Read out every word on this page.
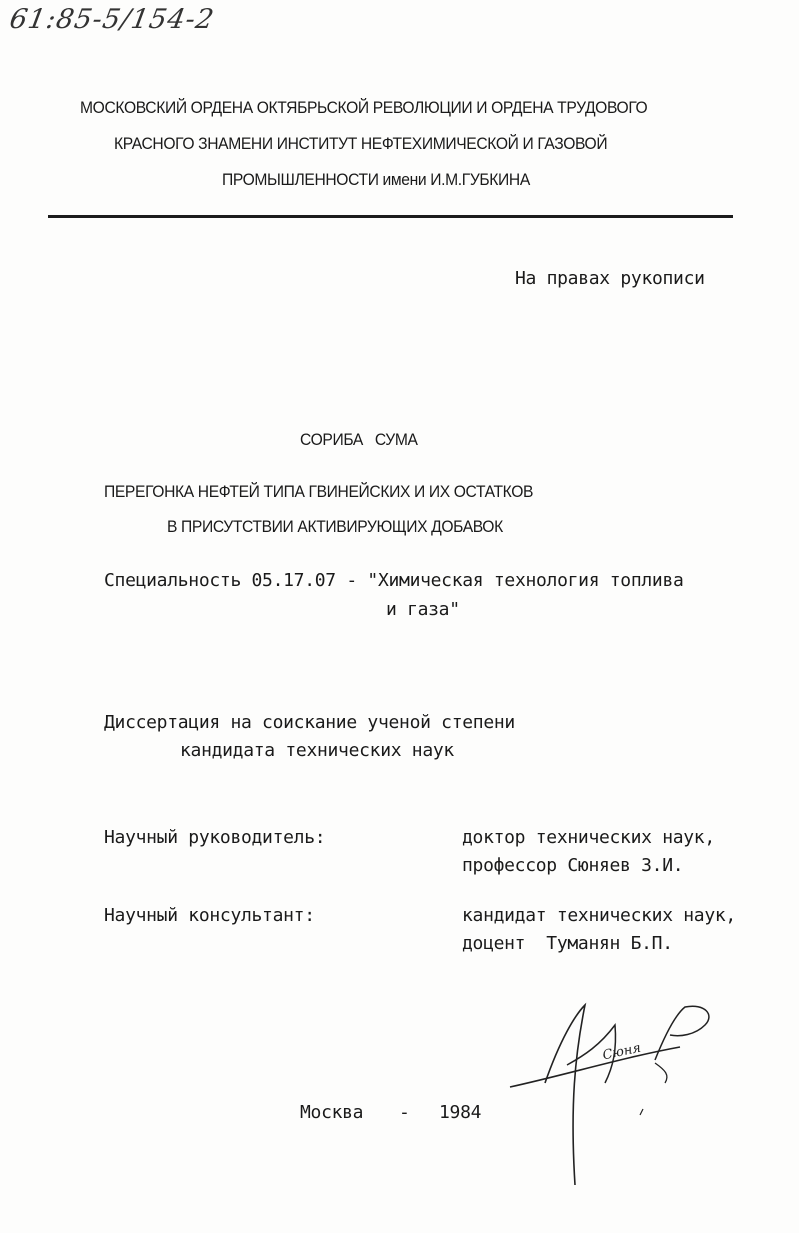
61:85-5/154-2
МОСКОВСКИЙ ОРДЕНА ОКТЯБРЬСКОЙ РЕВОЛЮЦИИ И ОРДЕНА ТРУДОВОГО
КРАСНОГО ЗНАМЕНИ ИНСТИТУТ НЕФТЕХИМИЧЕСКОЙ И ГАЗОВОЙ
ПРОМЫШЛЕННОСТИ имени И.М.ГУБКИНА
На правах рукописи
СОРИБА   СУМА
ПЕРЕГОНКА НЕФТЕЙ ТИПА ГВИНЕЙСКИХ И ИХ ОСТАТКОВ
В ПРИСУТСТВИИ АКТИВИРУЮЩИХ ДОБАВОК
Специальность 05.17.07 - "Химическая технология топлива
и газа"
Диссертация на соискание ученой степени
кандидата технических наук
Научный руководитель:	доктор технических наук,
профессор Сюняев З.И.
Научный консультант:	кандидат технических наук,
доцент  Туманян Б.П.
Сюня
Москва - 1984
